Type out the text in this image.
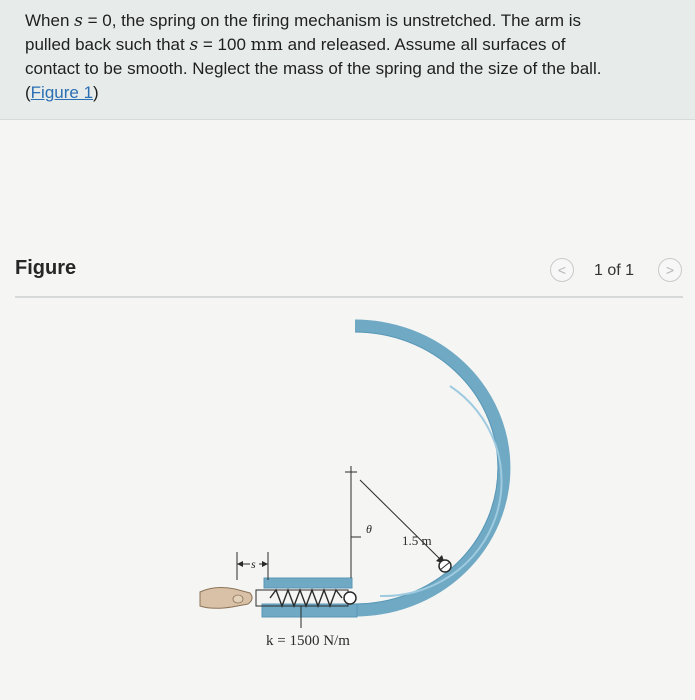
When s = 0, the spring on the firing mechanism is unstretched. The arm is
pulled back such that s = 100 mm and released. Assume all surfaces of
contact to be smooth. Neglect the mass of the spring and the size of the ball.
(Figure 1)

Figure	<	1 of 1	>
s
θ
1.5 m
k = 1500 N/m
